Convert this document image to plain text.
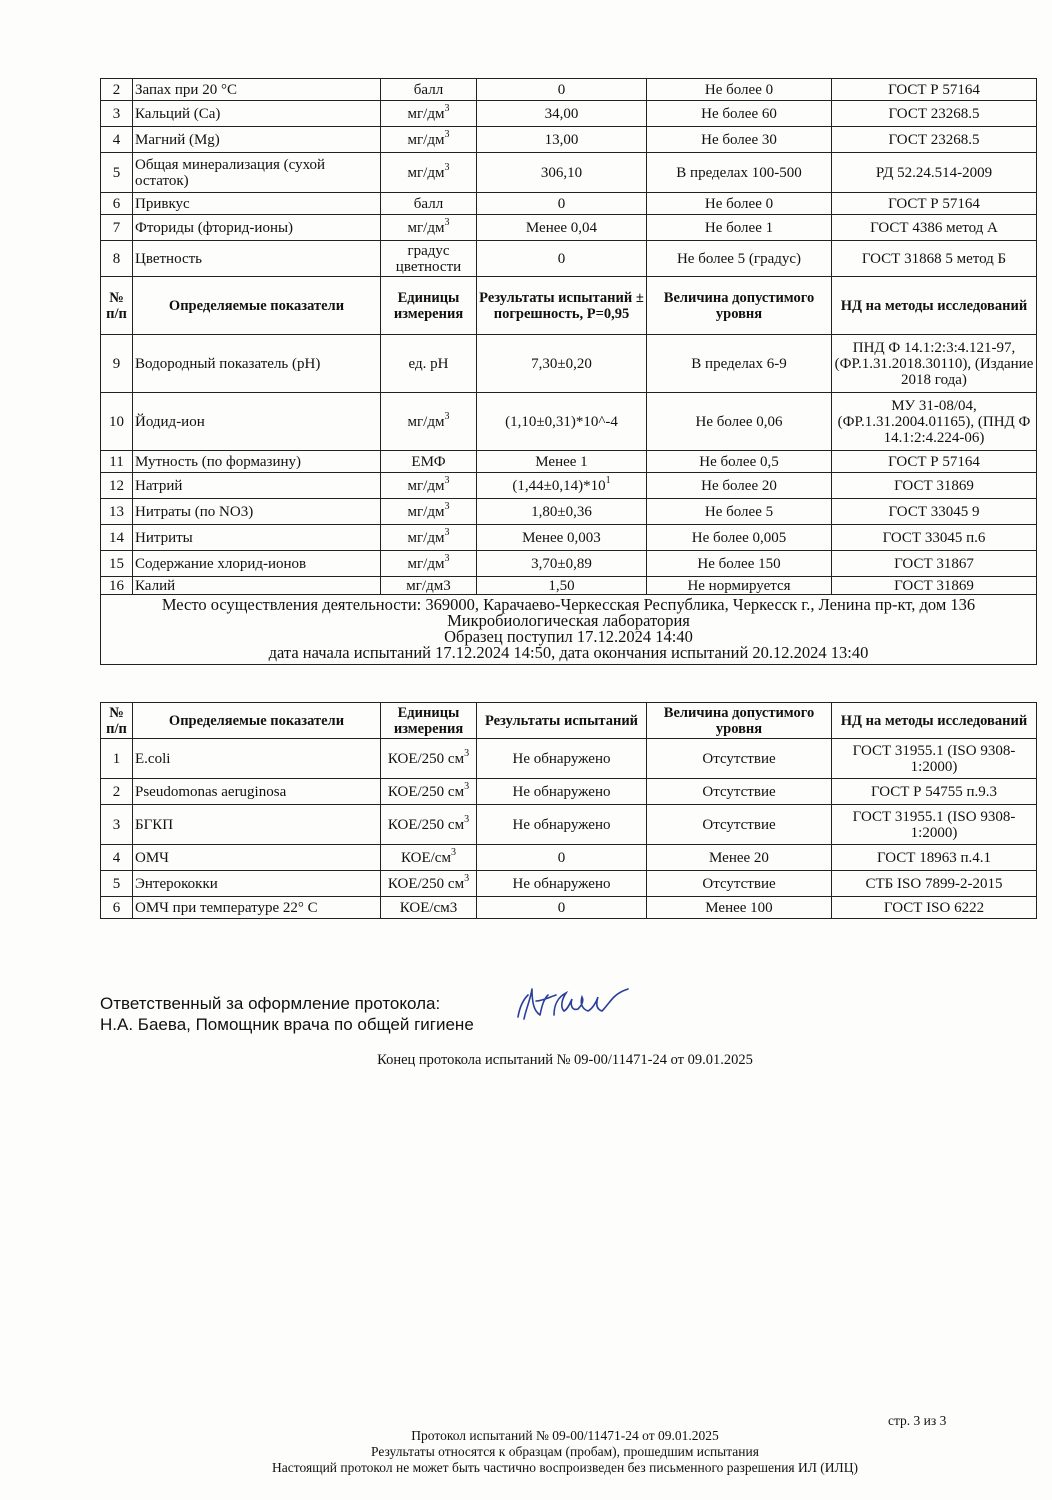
2	Запах при 20 °С	балл	0	Не более 0	ГОСТ Р 57164
3	Кальций (Ca)	$мг/дм^3$	34,00	Не более 60	ГОСТ 23268.5
4	Магний (Mg)	$мг/дм^3$	13,00	Не более 30	ГОСТ 23268.5
5	Общая минерализация (сухой остаток)	$мг/дм^3$	306,10	В пределах 100-500	РД 52.24.514-2009
6	Привкус	балл	0	Не более 0	ГОСТ Р 57164
7	Фториды (фторид-ионы)	$мг/дм^3$	Менее 0,04	Не более 1	ГОСТ 4386 метод А
8	Цветность	градус цветности	0	Не более 5 (градус)	ГОСТ 31868 5 метод Б
№ п/п	Определяемые показатели	Единицы измерения	Результаты испытаний ± погрешность, P=0,95	Величина допустимого уровня	НД на методы исследований
9	Водородный показатель (pH)	ед. pH	7,30±0,20	В пределах 6-9	ПНД Ф 14.1:2:3:4.121-97, (ФР.1.31.2018.30110), (Издание 2018 года)
10	Йодид-ион	$мг/дм^3$	(1,10±0,31)*10^-4	Не более 0,06	МУ 31-08/04, (ФР.1.31.2004.01165), (ПНД Ф 14.1:2:4.224-06)
11	Мутность (по формазину)	ЕМФ	Менее 1	Не более 0,5	ГОСТ Р 57164
12	Натрий	$мг/дм^3$	$(1,44\pm 0,14)*10^1$	Не более 20	ГОСТ 31869
13	Нитраты (по NO3)	$мг/дм^3$	1,80±0,36	Не более 5	ГОСТ 33045 9
14	Нитриты	$мг/дм^3$	Менее 0,003	Не более 0,005	ГОСТ 33045 п.6
15	Содержание хлорид-ионов	$мг/дм^3$	3,70±0,89	Не более 150	ГОСТ 31867
16	Калий	мг/дм3	1,50	Не нормируется	ГОСТ 31869

Место осуществления деятельности: 369000, Карачаево-Черкесская Республика, Черкесск г., Ленина пр-кт, дом 136
Микробиологическая лаборатория
Образец поступил 17.12.2024 14:40
дата начала испытаний 17.12.2024 14:50, дата окончания испытаний 20.12.2024 13:40					
№ п/п	Определяемые показатели	Единицы измерения	Результаты испытаний	Величина допустимого уровня	НД на методы исследований
1	E.coli	КОЕ/250 $см^3$	Не обнаружено	Отсутствие	ГОСТ 31955.1 (ISO 9308-1:2000)
2	Pseudomonas aeruginosa	КОЕ/250 $см^3$	Не обнаружено	Отсутствие	ГОСТ Р 54755 п.9.3
3	БГКП	КОЕ/250 $см^3$	Не обнаружено	Отсутствие	ГОСТ 31955.1 (ISO 9308-1:2000)
4	ОМЧ	КОЕ/$см^3$	0	Менее 20	ГОСТ 18963 п.4.1
5	Энтерококки	КОЕ/250 $см^3$	Не обнаружено	Отсутствие	СТБ ISO 7899-2-2015
6	ОМЧ при температуре 22° С	КОЕ/см3	0	Менее 100	ГОСТ ISO 6222
Ответственный за оформление протокола:
Н.А. Баева, Помощник врача по общей гигиене
Конец протокола испытаний № 09-00/11471-24 от 09.01.2025
стр. 3 из 3
Протокол испытаний № 09-00/11471-24 от 09.01.2025
Результаты относятся к образцам (пробам), прошедшим испытания
Настоящий протокол не может быть частично воспроизведен без письменного разрешения ИЛ (ИЛЦ)
